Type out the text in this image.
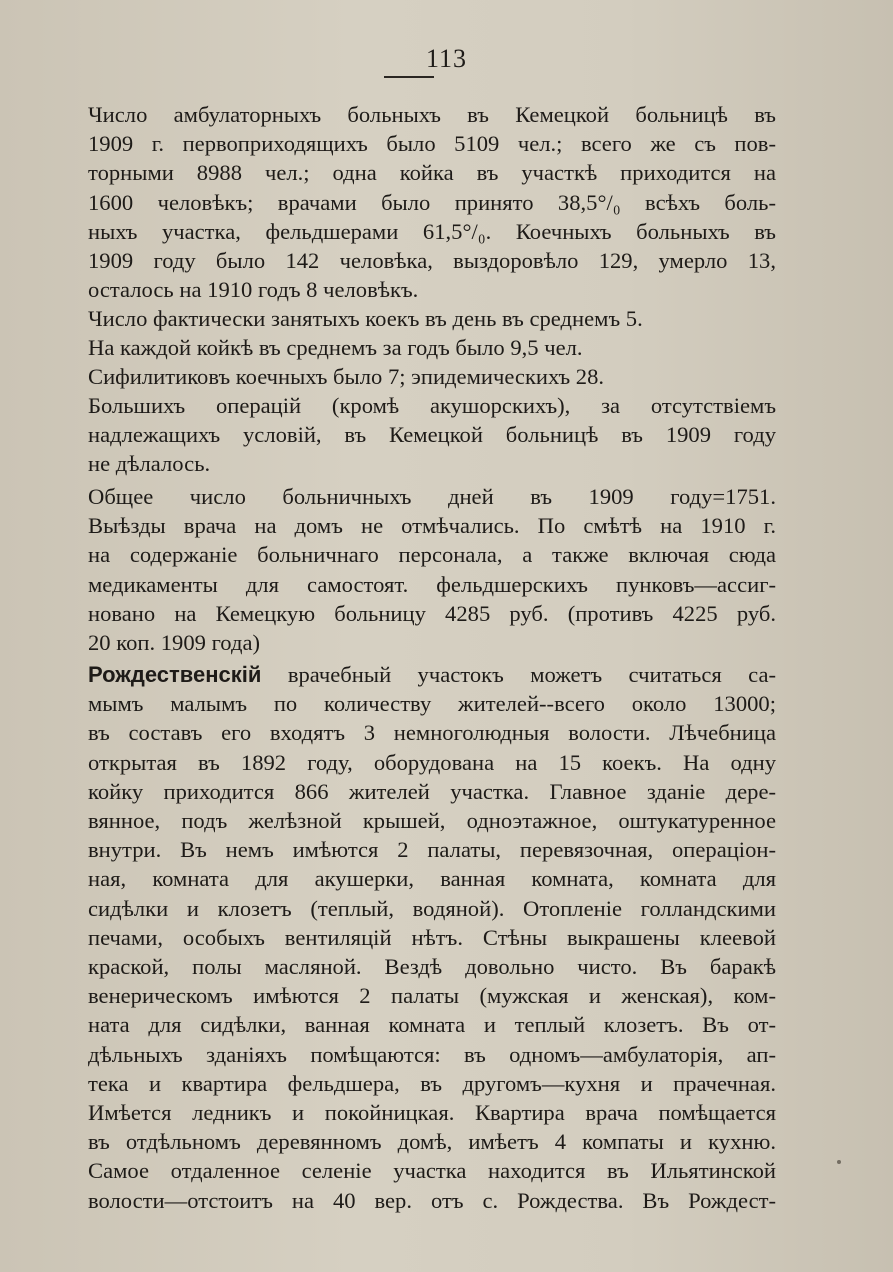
113
Число амбулаторныхъ больныхъ въ Кемецкой больницѣ въ
1909 г. первоприходящихъ было 5109 чел.; всего же съ пов-
торными 8988 чел.; одна койка въ участкѣ приходится на
1600 человѣкъ; врачами было принято 38,5°/₀ всѣхъ боль-
ныхъ участка, фельдшерами 61,5°/₀. Коечныхъ больныхъ въ
1909 году было 142 человѣка, выздоровѣло 129, умерло 13,
осталось на 1910 годъ 8 человѣкъ.
Число фактически занятыхъ коекъ въ день въ среднемъ 5.
На каждой койкѣ въ среднемъ за годъ было 9,5 чел.
Сифилитиковъ коечныхъ было 7; эпидемическихъ 28.
Большихъ операцій (кромѣ акушорскихъ), за отсутствіемъ
надлежащихъ условій, въ Кемецкой больницѣ въ 1909 году
не дѣлалось.
Общее число больничныхъ дней въ 1909 году=1751.
Выѣзды врача на домъ не отмѣчались. По смѣтѣ на 1910 г.
на содержаніе больничнаго персонала, а также включая сюда
медикаменты для самостоят. фельдшерскихъ пунковъ—ассиг-
новано на Кемецкую больницу 4285 руб. (противъ 4225 руб.
20 коп. 1909 года)
Рождественскій врачебный участокъ можетъ считаться са-
мымъ малымъ по количеству жителей--всего около 13000;
въ составъ его входятъ 3 немноголюдныя волости. Лѣчебница
открытая въ 1892 году, оборудована на 15 коекъ. На одну
койку приходится 866 жителей участка. Главное зданіе дере-
вянное, подъ желѣзной крышей, одноэтажное, оштукатуренное
внутри. Въ немъ имѣются 2 палаты, перевязочная, операціон-
ная, комната для акушерки, ванная комната, комната для
сидѣлки и клозетъ (теплый, водяной). Отопленіе голландскими
печами, особыхъ вентиляцій нѣтъ. Стѣны выкрашены клеевой
краской, полы масляной. Вездѣ довольно чисто. Въ баракѣ
венерическомъ имѣются 2 палаты (мужская и женская), ком-
ната для сидѣлки, ванная комната и теплый клозетъ. Въ от-
дѣльныхъ зданіяхъ помѣщаются: въ одномъ—амбулаторія, ап-
тека и квартира фельдшера, въ другомъ—кухня и прачечная.
Имѣется ледникъ и покойницкая. Квартира врача помѣщается
въ отдѣльномъ деревянномъ домѣ, имѣетъ 4 компаты и кухню.
Самое отдаленное селеніе участка находится въ Ильятинской
волости—отстоитъ на 40 вер. отъ с. Рождества. Въ Рождест-
